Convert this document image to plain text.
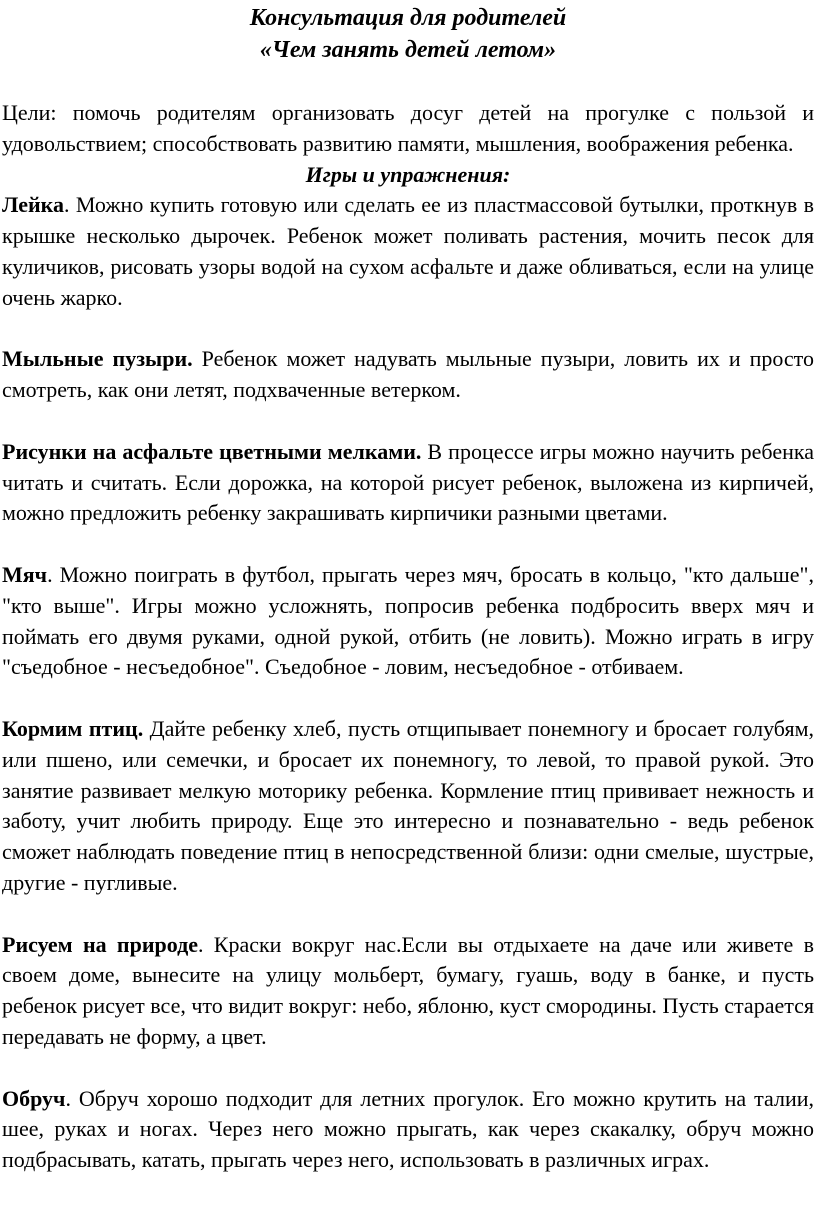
Консультация для родителей
«Чем занять детей летом»

Цели: помочь родителям организовать досуг детей на прогулке с пользой и удовольствием; способствовать развитию памяти, мышления, воображения ребенка.

Игры и упражнения:

Лейка. Можно купить готовую или сделать ее из пластмассовой бутылки, проткнув в крышке несколько дырочек. Ребенок может поливать растения, мочить песок для куличиков, рисовать узоры водой на сухом асфальте и даже обливаться, если на улице очень жарко.

Мыльные пузыри. Ребенок может надувать мыльные пузыри, ловить их и просто смотреть, как они летят, подхваченные ветерком.

Рисунки на асфальте цветными мелками. В процессе игры можно научить ребенка читать и считать. Если дорожка, на которой рисует ребенок, выложена из кирпичей, можно предложить ребенку закрашивать кирпичики разными цветами.

Мяч. Можно поиграть в футбол, прыгать через мяч, бросать в кольцо, "кто дальше", "кто выше". Игры можно усложнять, попросив ребенка подбросить вверх мяч и поймать его двумя руками, одной рукой, отбить (не ловить). Можно играть в игру "съедобное - несъедобное". Съедобное - ловим, несъедобное - отбиваем.

Кормим птиц. Дайте ребенку хлеб, пусть отщипывает понемногу и бросает голубям, или пшено, или семечки, и бросает их понемногу, то левой, то правой рукой. Это занятие развивает мелкую моторику ребенка. Кормление птиц прививает нежность и заботу, учит любить природу. Еще это интересно и познавательно - ведь ребенок сможет наблюдать поведение птиц в непосредственной близи: одни смелые, шустрые, другие - пугливые.

Рисуем на природе. Краски вокруг нас.Если вы отдыхаете на даче или живете в своем доме, вынесите на улицу мольберт, бумагу, гуашь, воду в банке, и пусть ребенок рисует все, что видит вокруг: небо, яблоню, куст смородины. Пусть старается передавать не форму, а цвет.

Обруч. Обруч хорошо подходит для летних прогулок. Его можно крутить на талии, шее, руках и ногах. Через него можно прыгать, как через скакалку, обруч можно подбрасывать, катать, прыгать через него, использовать в различных играх.
